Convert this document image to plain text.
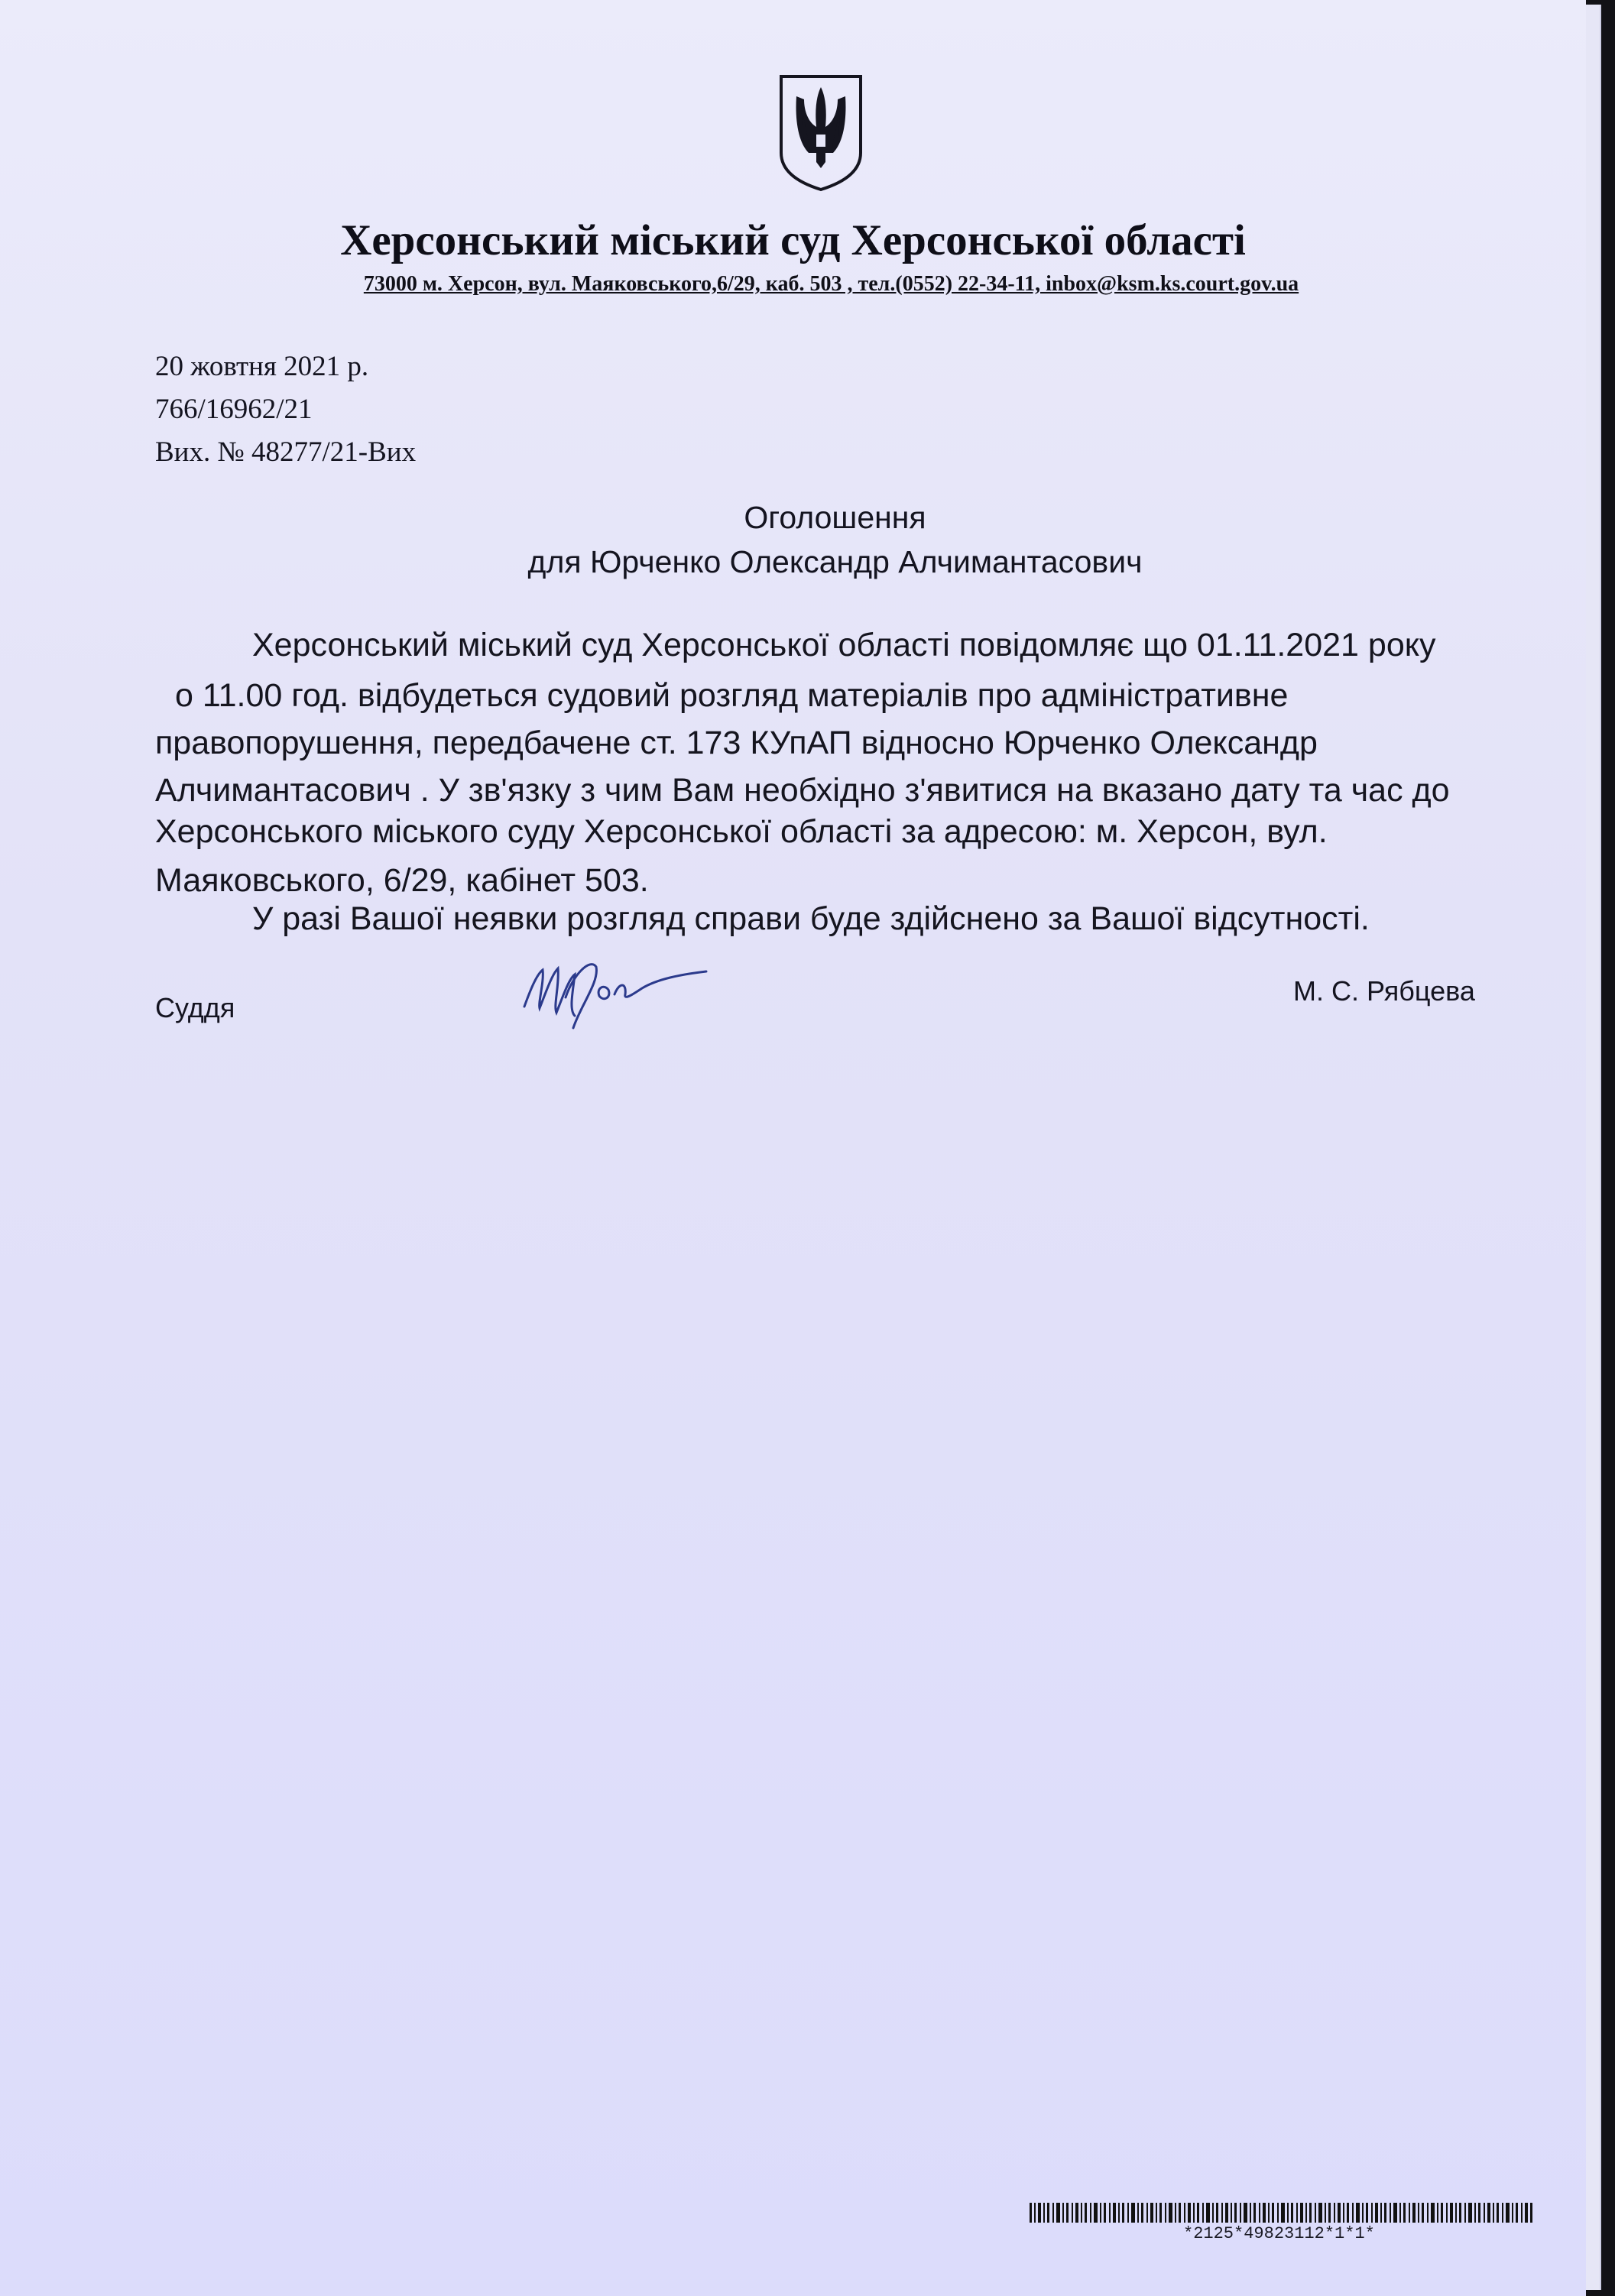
Херсонський міський суд Херсонської області
73000 м. Херсон, вул. Маяковського,6/29, каб. 503 , тел.(0552) 22-34-11, inbox@ksm.ks.court.gov.ua
20 жовтня 2021 р.
766/16962/21
Вих. № 48277/21-Вих
Оголошення
для Юрченко Олександр Алчимантасович
Херсонський міський суд Херсонської області повідомляє що 01.11.2021 року
о 11.00 год. відбудеться судовий розгляд матеріалів про адміністративне
правопорушення, передбачене ст. 173 КУпАП відносно Юрченко Олександр
Алчимантасович . У зв'язку з чим Вам необхідно з'явитися на вказано дату та час до
Херсонського міського суду Херсонської області за адресою: м. Херсон, вул.
Маяковського, 6/29, кабінет 503.
У разі Вашої неявки розгляд справи буде здійснено за Вашої відсутності.
Суддя
М. С. Рябцева
*2125*49823112*1*1*
